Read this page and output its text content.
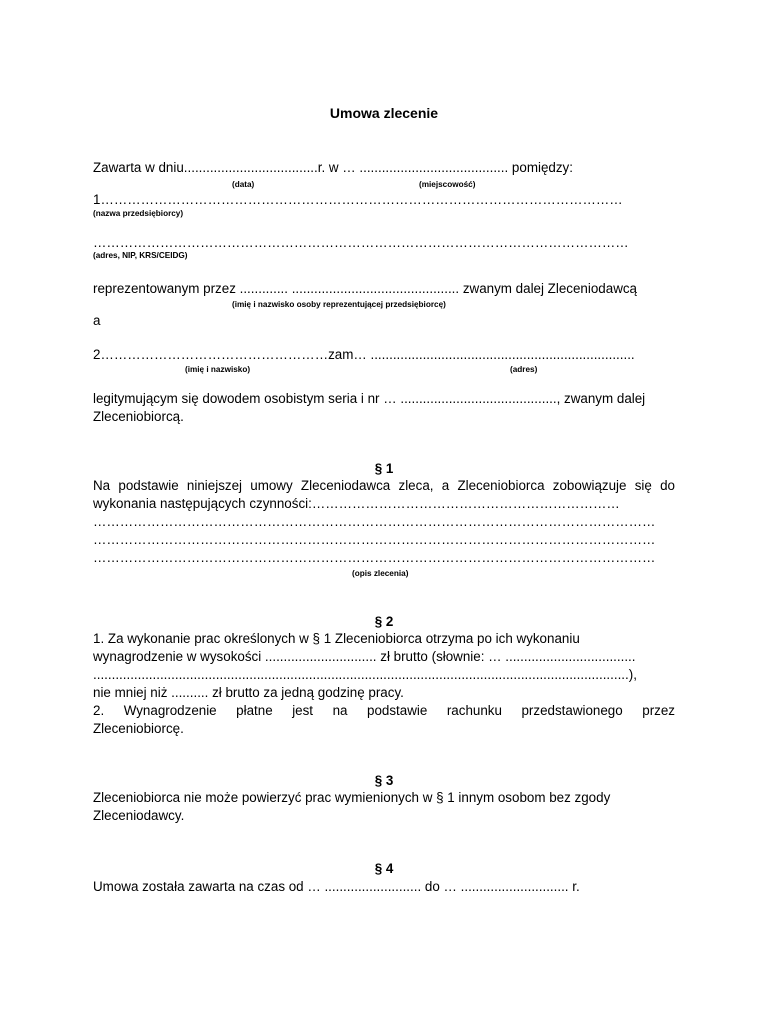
Umowa zlecenie
Zawarta w dniu....................................r. w … ........................................ pomiędzy:
(data)	(miejscowość)
1………………………………………………………………………………………………………
(nazwa przedsiębiorcy)
…………………………………………………………………………………………………………
(adres, NIP, KRS/CEIDG)
reprezentowanym przez ............. ............................................. zwanym dalej Zleceniodawcą
(imię i nazwisko osoby reprezentującej przedsiębiorcę)
a
2……………………………………………zam… .......................................................................
(imię i nazwisko)	(adres)
legitymującym się dowodem osobistym seria i nr … .........................................., zwanym dalej
Zleceniobiorcą.
§ 1
Na podstawie niniejszej umowy Zleceniodawca zleca, a Zleceniobiorca zobowiązuje się do
wykonania następujących czynności:……………………………………………………………
………………………………………………………………………………………………………………
………………………………………………………………………………………………………………
………………………………………………………………………………………………………………
(opis zlecenia)
§ 2
1. Za wykonanie prac określonych w § 1 Zleceniobiorca otrzyma po ich wykonaniu
wynagrodzenie w wysokości .............................. zł brutto (słownie: … ...................................
................................................................................................................................................),
nie mniej niż .......... zł brutto za jedną godzinę pracy.
2. Wynagrodzenie płatne jest na podstawie rachunku przedstawionego przez
Zleceniobiorcę.
§ 3
Zleceniobiorca nie może powierzyć prac wymienionych w § 1 innym osobom bez zgody
Zleceniodawcy.
§ 4
Umowa została zawarta na czas od … .......................... do … ............................. r.
